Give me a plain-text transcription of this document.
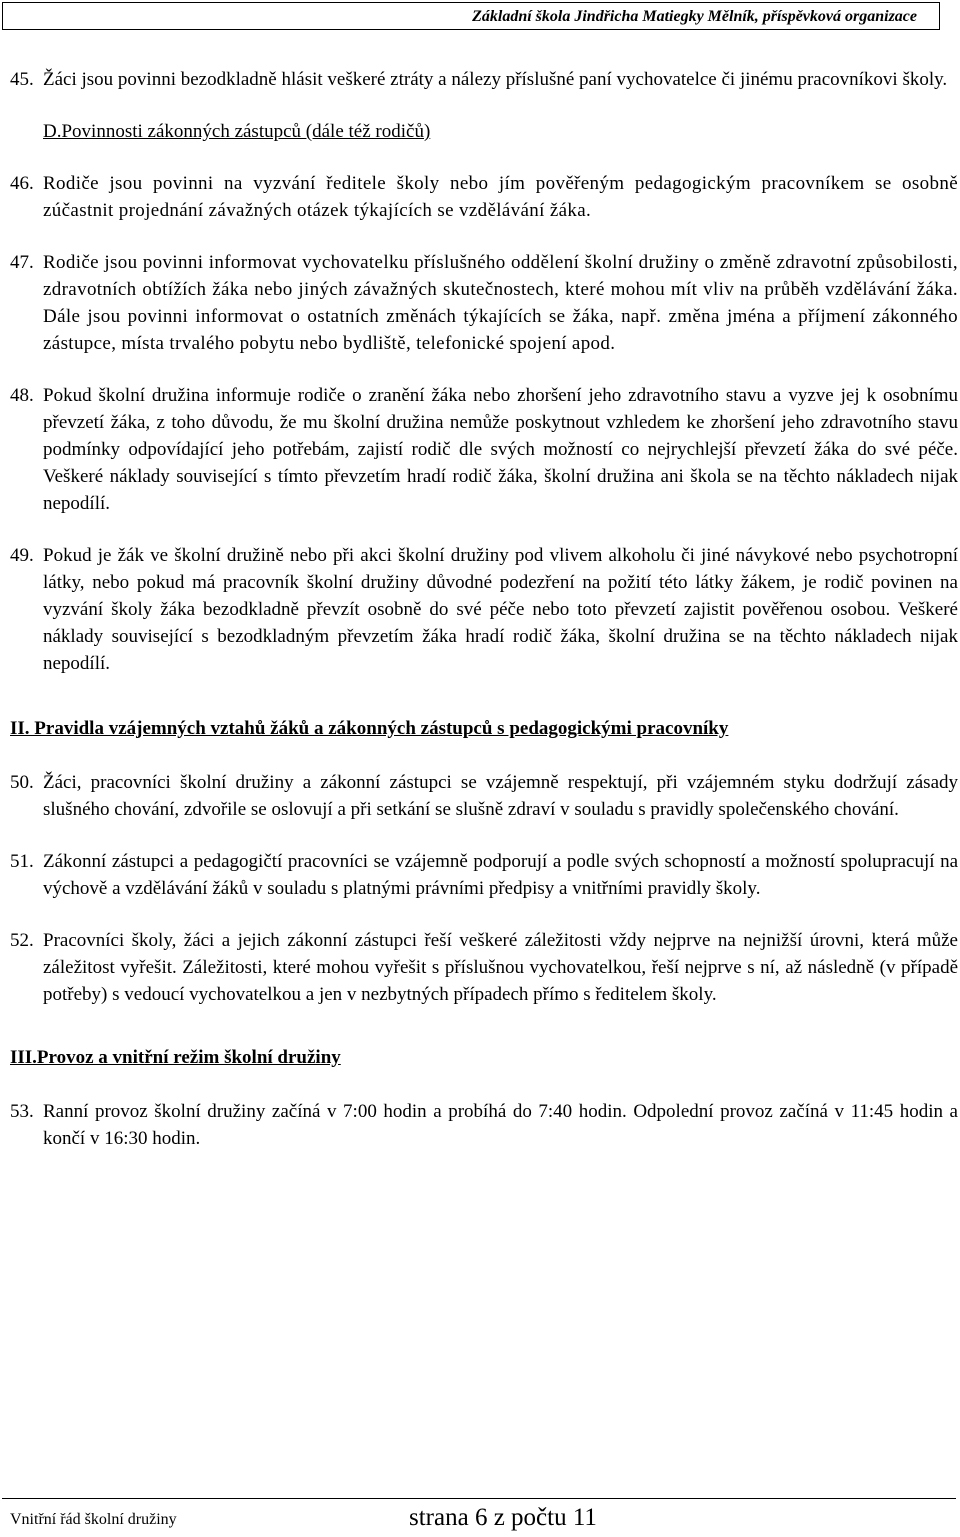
Základní škola Jindřicha Matiegky Mělník, příspěvková organizace
45. Žáci jsou povinni bezodkladně hlásit veškeré ztráty a nálezy příslušné paní vychovatelce či jinému pracovníkovi školy.
D.Povinnosti zákonných zástupců (dále též rodičů)
46. Rodiče jsou povinni na vyzvání ředitele školy nebo jím pověřeným pedagogickým pracovníkem se osobně zúčastnit projednání závažných otázek týkajících se vzdělávání žáka.
47. Rodiče jsou povinni informovat vychovatelku příslušného oddělení školní družiny o změně zdravotní způsobilosti, zdravotních obtížích žáka nebo jiných závažných skutečnostech, které mohou mít vliv na průběh vzdělávání žáka. Dále jsou povinni informovat o ostatních změnách týkajících se žáka, např. změna jména a příjmení zákonného zástupce, místa trvalého pobytu nebo bydliště, telefonické spojení apod.
48. Pokud školní družina informuje rodiče o zranění žáka nebo zhoršení jeho zdravotního stavu a vyzve jej k osobnímu převzetí žáka, z toho důvodu, že mu školní družina nemůže poskytnout vzhledem ke zhoršení jeho zdravotního stavu podmínky odpovídající jeho potřebám, zajistí rodič dle svých možností co nejrychlejší převzetí žáka do své péče. Veškeré náklady související s tímto převzetím hradí rodič žáka, školní družina ani škola se na těchto nákladech nijak nepodílí.
49. Pokud je žák ve školní družině nebo při akci školní družiny pod vlivem alkoholu či jiné návykové nebo psychotropní látky, nebo pokud má pracovník školní družiny důvodné podezření na požití této látky žákem, je rodič povinen na vyzvání školy žáka bezodkladně převzít osobně do své péče nebo toto převzetí zajistit pověřenou osobou. Veškeré náklady související s bezodkladným převzetím žáka hradí rodič žáka, školní družina se na těchto nákladech nijak nepodílí.
II. Pravidla vzájemných vztahů žáků a zákonných zástupců s pedagogickými pracovníky
50. Žáci, pracovníci školní družiny a zákonní zástupci se vzájemně respektují, při vzájemném styku dodržují zásady slušného chování, zdvořile se oslovují a při setkání se slušně zdraví v souladu s pravidly společenského chování.
51. Zákonní zástupci a pedagogičtí pracovníci se vzájemně podporují a podle svých schopností a možností spolupracují na výchově a vzdělávání žáků v souladu s platnými právními předpisy a vnitřními pravidly školy.
52. Pracovníci školy, žáci a jejich zákonní zástupci řeší veškeré záležitosti vždy nejprve na nejnižší úrovni, která může záležitost vyřešit. Záležitosti, které mohou vyřešit s příslušnou vychovatelkou, řeší nejprve s ní, až následně (v případě potřeby) s vedoucí vychovatelkou a jen v nezbytných případech přímo s ředitelem školy.
III.Provoz a vnitřní režim školní družiny
53. Ranní provoz školní družiny začíná v 7:00 hodin a probíhá do 7:40 hodin. Odpolední provoz začíná v 11:45 hodin a končí v 16:30 hodin.
Vnitřní řád školní družiny	strana 6 z počtu 11
